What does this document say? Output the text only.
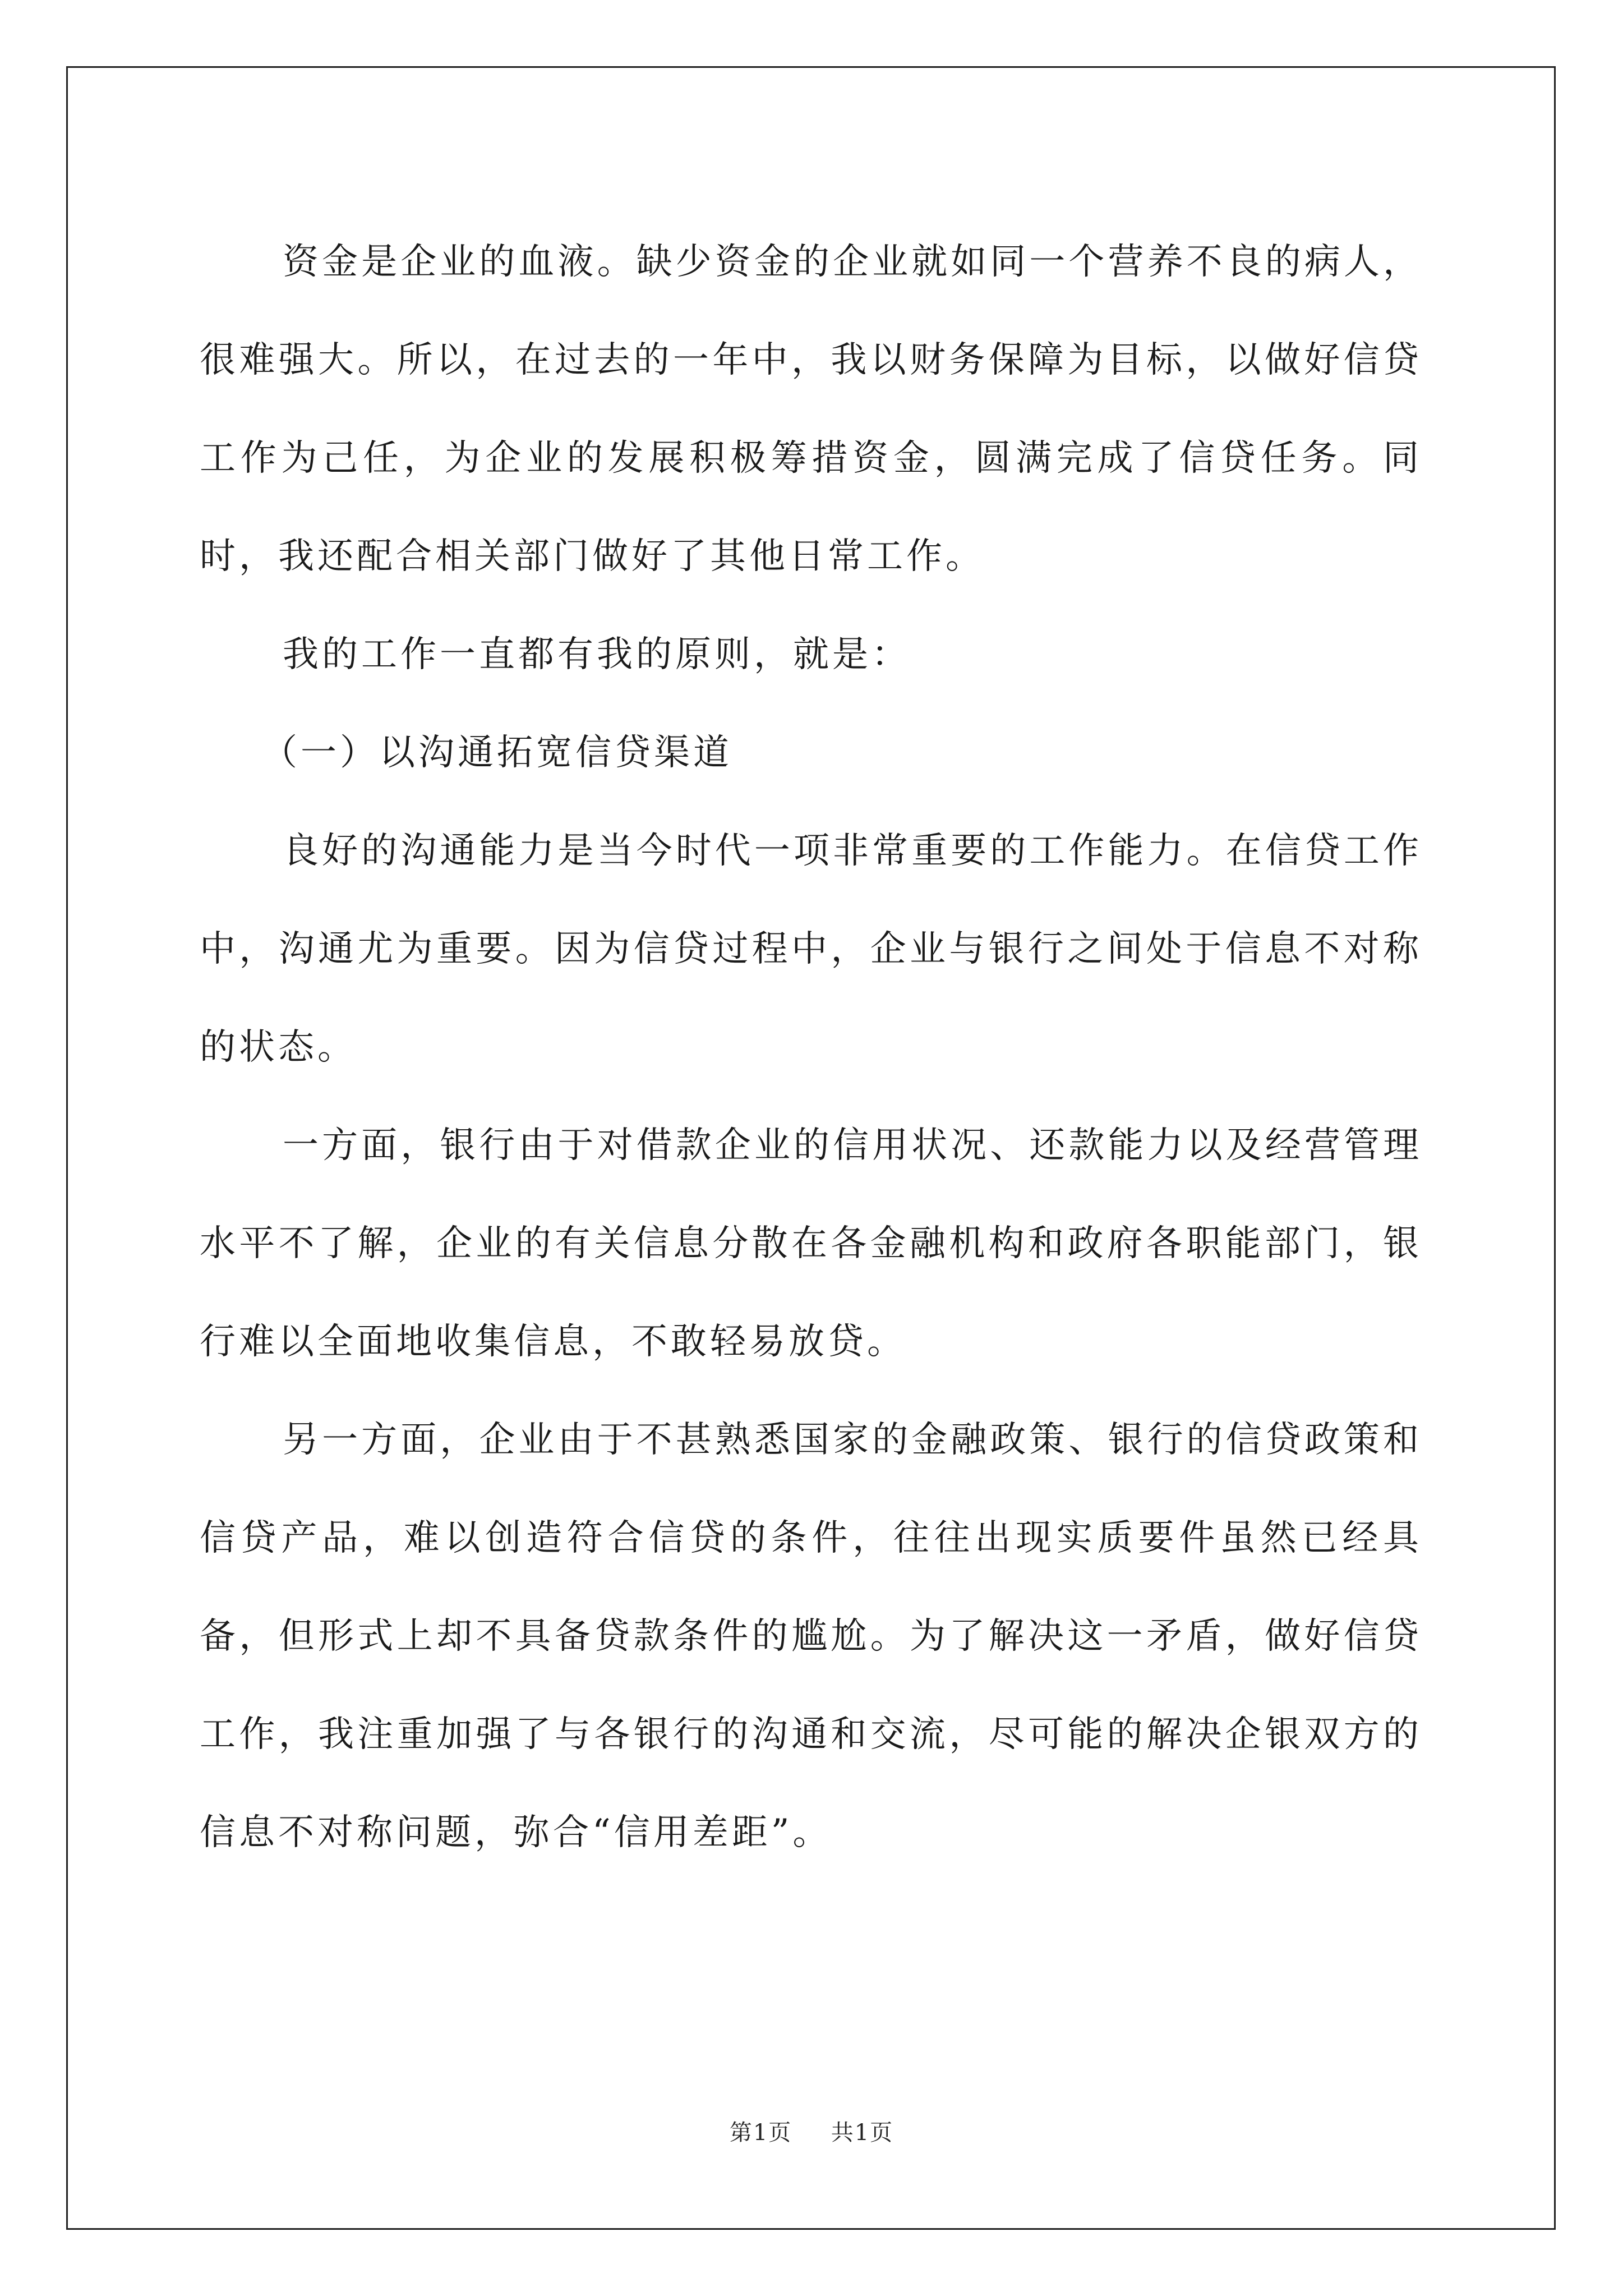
资金是企业的血液。缺少资金的企业就如同一个营养不良的病人，很难强大。所以，在过去的一年中，我以财务保障为目标，以做好信贷工作为己任，为企业的发展积极筹措资金，圆满完成了信贷任务。同时，我还配合相关部门做好了其他日常工作。

我的工作一直都有我的原则，就是：

（一）以沟通拓宽信贷渠道

良好的沟通能力是当今时代一项非常重要的工作能力。在信贷工作中，沟通尤为重要。因为信贷过程中，企业与银行之间处于信息不对称的状态。

一方面，银行由于对借款企业的信用状况、还款能力以及经营管理水平不了解，企业的有关信息分散在各金融机构和政府各职能部门，银行难以全面地收集信息，不敢轻易放贷。

另一方面，企业由于不甚熟悉国家的金融政策、银行的信贷政策和信贷产品，难以创造符合信贷的条件，往往出现实质要件虽然已经具备，但形式上却不具备贷款条件的尴尬。为了解决这一矛盾，做好信贷工作，我注重加强了与各银行的沟通和交流，尽可能的解决企银双方的信息不对称问题，弥合“信用差距”。

第1页 共1页
